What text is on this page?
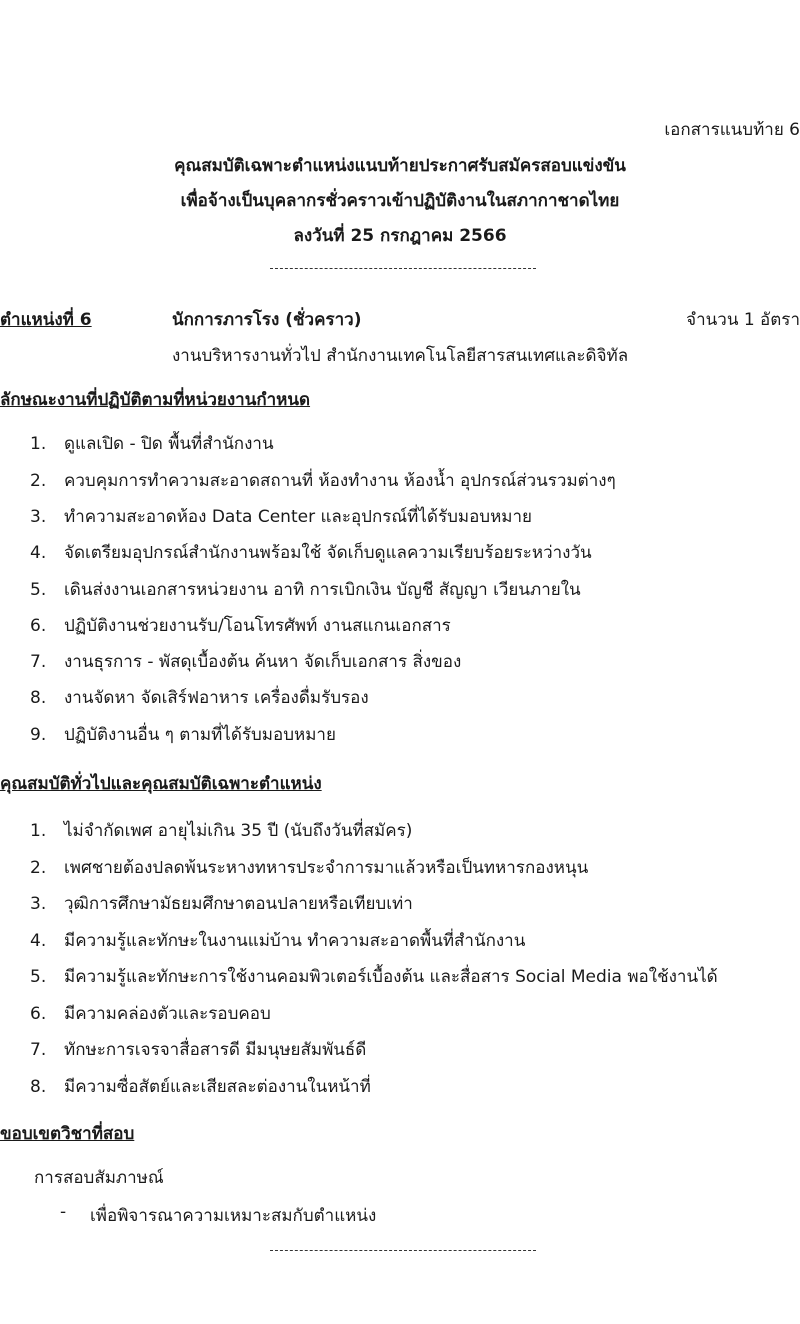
เอกสารแนบท้าย 6
คุณสมบัติเฉพาะตำแหน่งแนบท้ายประกาศรับสมัครสอบแข่งขัน
เพื่อจ้างเป็นบุคลากรชั่วคราวเข้าปฏิบัติงานในสภากาชาดไทย
ลงวันที่ 25 กรกฎาคม 2566
ตำแหน่งที่ 6	นักการภารโรง (ชั่วคราว)	จำนวน 1 อัตรา
งานบริหารงานทั่วไป สำนักงานเทคโนโลยีสารสนเทศและดิจิทัล
ลักษณะงานที่ปฏิบัติตามที่หน่วยงานกำหนด
1. ดูแลเปิด - ปิด พื้นที่สำนักงาน
2. ควบคุมการทำความสะอาดสถานที่ ห้องทำงาน ห้องน้ำ อุปกรณ์ส่วนรวมต่างๆ
3. ทำความสะอาดห้อง Data Center และอุปกรณ์ที่ได้รับมอบหมาย
4. จัดเตรียมอุปกรณ์สำนักงานพร้อมใช้ จัดเก็บดูแลความเรียบร้อยระหว่างวัน
5. เดินส่งงานเอกสารหน่วยงาน อาทิ การเบิกเงิน บัญชี สัญญา เวียนภายใน
6. ปฏิบัติงานช่วยงานรับ/โอนโทรศัพท์ งานสแกนเอกสาร
7. งานธุรการ - พัสดุเบื้องต้น ค้นหา จัดเก็บเอกสาร สิ่งของ
8. งานจัดหา จัดเสิร์ฟอาหาร เครื่องดื่มรับรอง
9. ปฏิบัติงานอื่น ๆ ตามที่ได้รับมอบหมาย
คุณสมบัติทั่วไปและคุณสมบัติเฉพาะตำแหน่ง
1. ไม่จำกัดเพศ อายุไม่เกิน 35 ปี (นับถึงวันที่สมัคร)
2. เพศชายต้องปลดพ้นระหางทหารประจำการมาแล้วหรือเป็นทหารกองหนุน
3. วุฒิการศึกษามัธยมศึกษาตอนปลายหรือเทียบเท่า
4. มีความรู้และทักษะในงานแม่บ้าน ทำความสะอาดพื้นที่สำนักงาน
5. มีความรู้และทักษะการใช้งานคอมพิวเตอร์เบื้องต้น และสื่อสาร Social Media พอใช้งานได้
6. มีความคล่องตัวและรอบคอบ
7. ทักษะการเจรจาสื่อสารดี มีมนุษยสัมพันธ์ดี
8. มีความซื่อสัตย์และเสียสละต่องานในหน้าที่
ขอบเขตวิชาที่สอบ
การสอบสัมภาษณ์
- เพื่อพิจารณาความเหมาะสมกับตำแหน่ง
